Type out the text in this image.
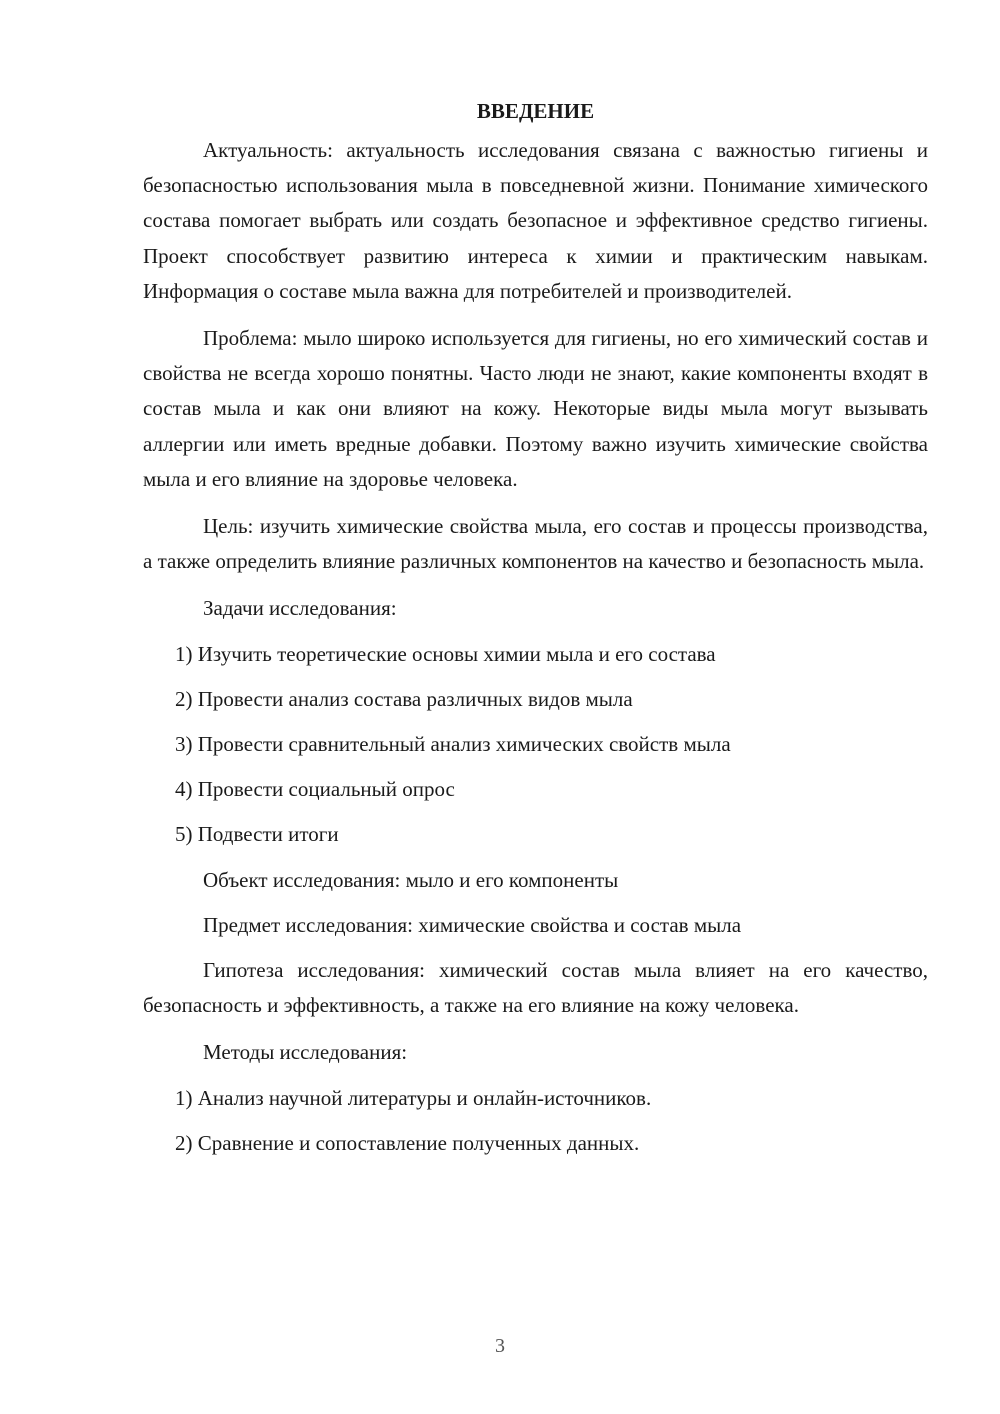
ВВЕДЕНИЕ

Актуальность: актуальность исследования связана с важностью гигиены и безопасностью использования мыла в повседневной жизни. Понимание химического состава помогает выбрать или создать безопасное и эффективное средство гигиены. Проект способствует развитию интереса к химии и практическим навыкам. Информация о составе мыла важна для потребителей и производителей.

Проблема: мыло широко используется для гигиены, но его химический состав и свойства не всегда хорошо понятны. Часто люди не знают, какие компоненты входят в состав мыла и как они влияют на кожу. Некоторые виды мыла могут вызывать аллергии или иметь вредные добавки. Поэтому важно изучить химические свойства мыла и его влияние на здоровье человека.

Цель: изучить химические свойства мыла, его состав и процессы производства, а также определить влияние различных компонентов на качество и безопасность мыла.

Задачи исследования:
1) Изучить теоретические основы химии мыла и его состава
2) Провести анализ состава различных видов мыла
3) Провести сравнительный анализ химических свойств мыла
4) Провести социальный опрос
5) Подвести итоги
Объект исследования: мыло и его компоненты
Предмет исследования: химические свойства и состав мыла

Гипотеза исследования: химический состав мыла влияет на его качество, безопасность и эффективность, а также на его влияние на кожу человека.

Методы исследования:
1) Анализ научной литературы и онлайн-источников.
2) Сравнение и сопоставление полученных данных.
3
